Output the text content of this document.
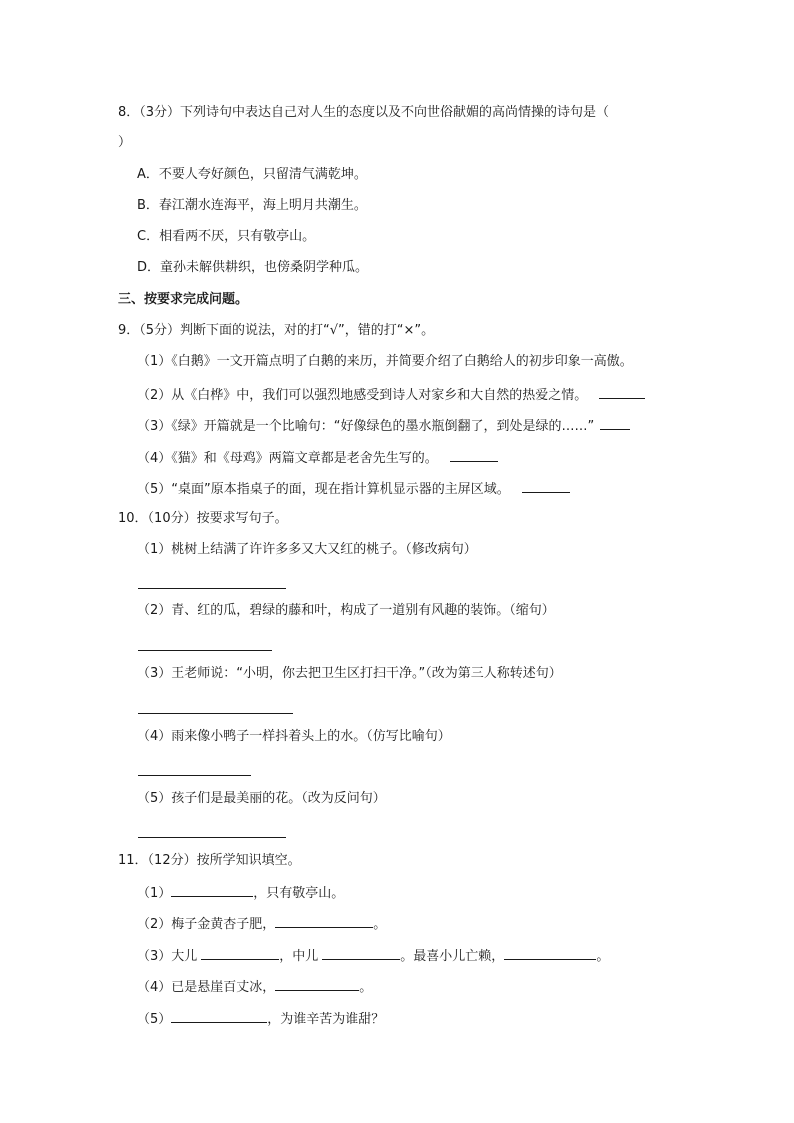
8．（3分）下列诗句中表达自己对人生的态度以及不向世俗献媚的高尚情操的诗句是（
）
A．不要人夸好颜色，只留清气满乾坤。
B．春江潮水连海平，海上明月共潮生。
C．相看两不厌，只有敬亭山。
D．童孙未解供耕织，也傍桑阴学种瓜。
三、按要求完成问题。
9．（5分）判断下面的说法，对的打“√”，错的打“×”。
（1）《白鹅》一文开篇点明了白鹅的来历，并简要介绍了白鹅给人的初步印象一高傲。
（2）从《白桦》中，我们可以强烈地感受到诗人对家乡和大自然的热爱之情。
（3）《绿》开篇就是一个比喻句：“好像绿色的墨水瓶倒翻了，到处是绿的……”
（4）《猫》和《母鸡》两篇文章都是老舍先生写的。
（5）“桌面”原本指桌子的面，现在指计算机显示器的主屏区域。
10．（10分）按要求写句子。
（1）桃树上结满了许许多多又大又红的桃子。（修改病句）
（2）青、红的瓜，碧绿的藤和叶，构成了一道别有风趣的装饰。（缩句）
（3）王老师说：“小明，你去把卫生区打扫干净。”（改为第三人称转述句）
（4）雨来像小鸭子一样抖着头上的水。（仿写比喻句）
（5）孩子们是最美丽的花。（改为反问句）
11．（12分）按所学知识填空。
（1）	，只有敬亭山。
（2）梅子金黄杏子肥，	。
（3）大儿	，中儿	。最喜小儿亡赖，	。
（4）已是悬崖百丈冰，	。
（5）	，为谁辛苦为谁甜？
